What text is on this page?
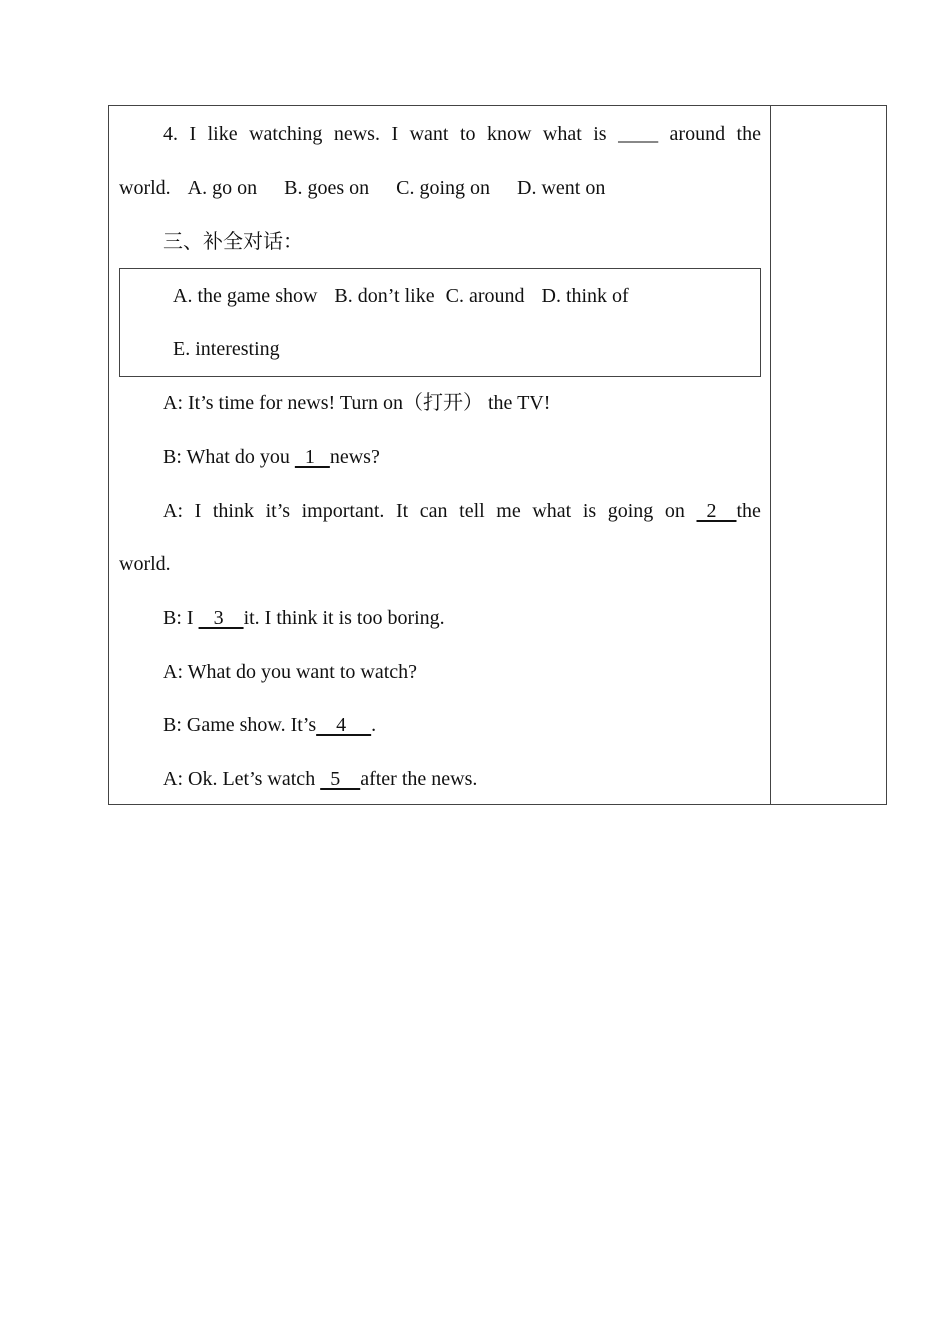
4. I like watching news. I want to know what is ____ around the
world. A. go on B. goes on C. going on D. went on
三、补全对话：
A. the game show B. don’t like C. around D. think of
E. interesting
A: It’s time for news! Turn on（打开） the TV!
B: What do you   1   news?
A: I think it’s important. It can tell me what is going on 2    the
world.
B: I    3    it. I think it is too boring.
A: What do you want to watch?
B: Game show. It’s    4     .
A: Ok. Let’s watch   5    after the news.
